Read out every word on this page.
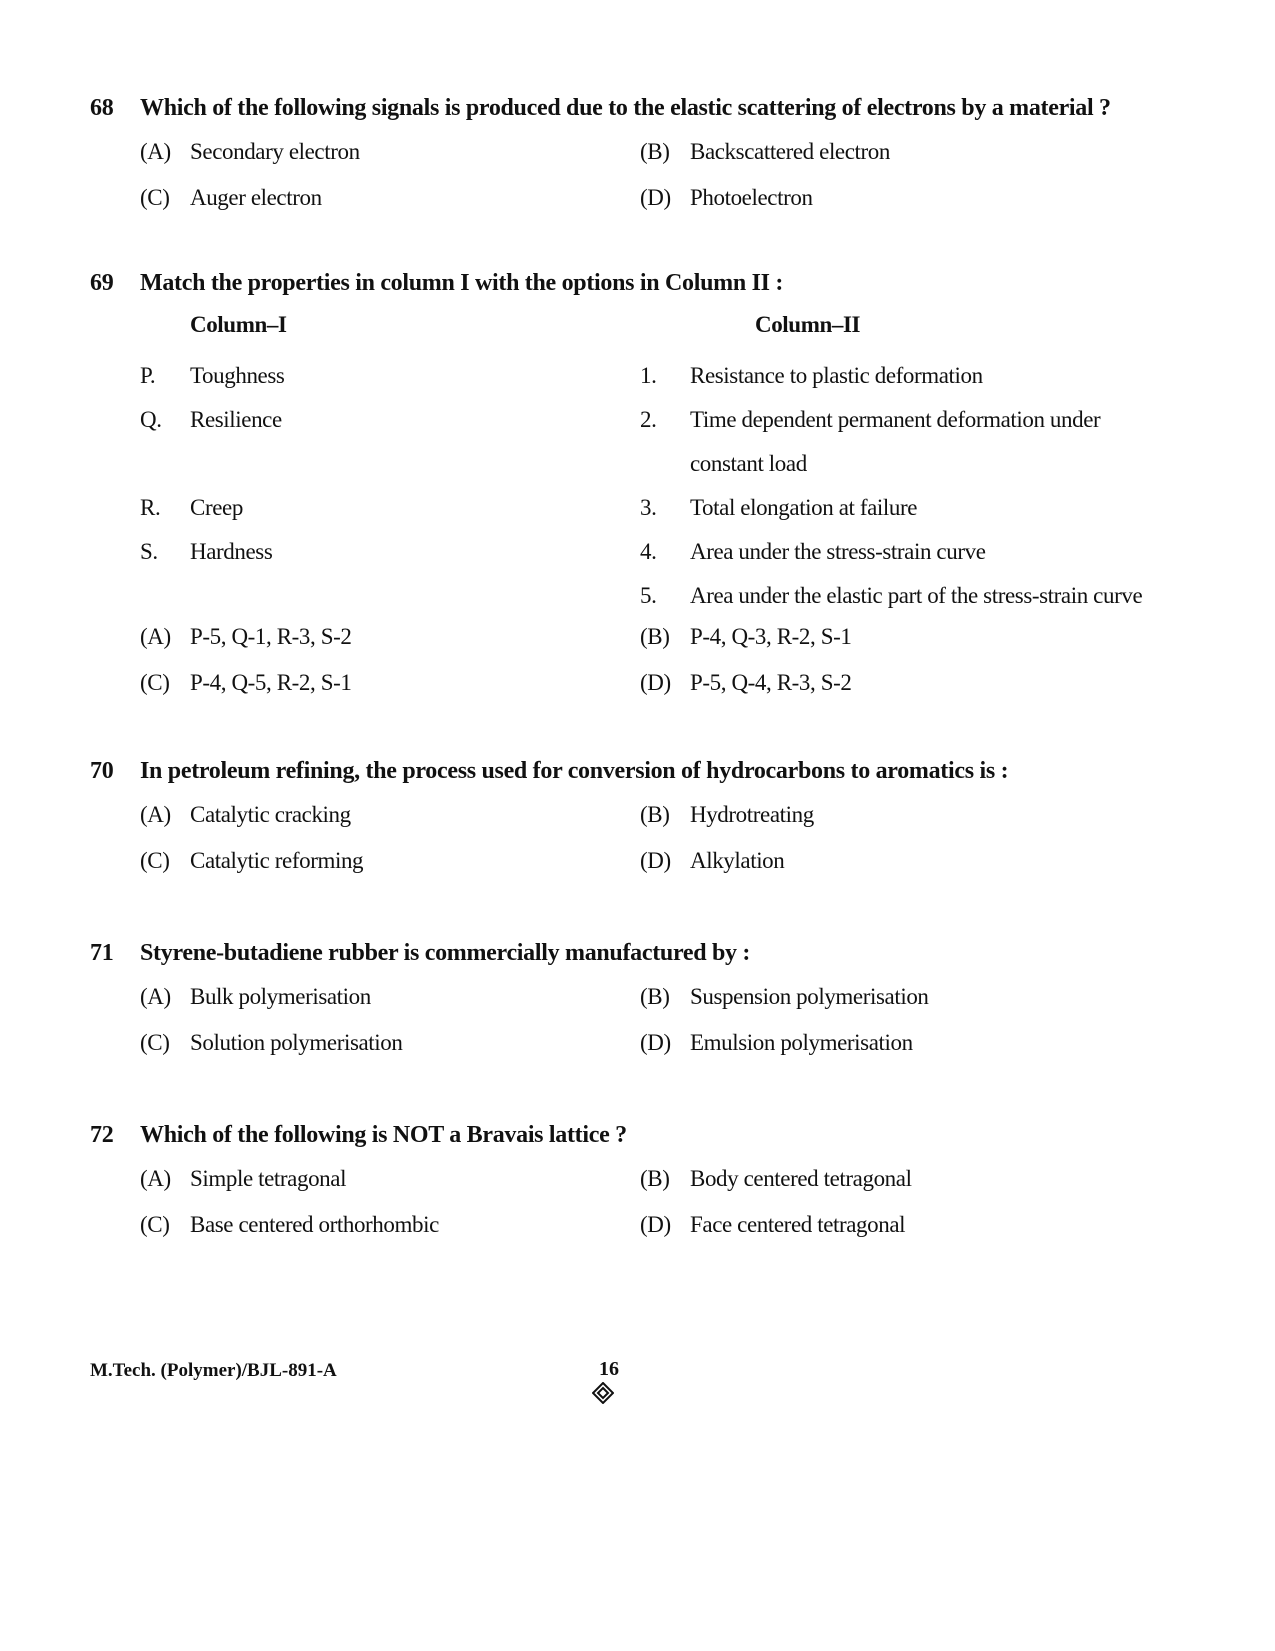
68	Which of the following signals is produced due to the elastic scattering of electrons by a material ?
(A) Secondary electron	(B) Backscattered electron
(C) Auger electron	(D) Photoelectron
69	Match the properties in column I with the options in Column II :
Column–I	Column–II
P.	Toughness	1.	Resistance to plastic deformation
Q.	Resilience	2.	Time dependent permanent deformation under
constant load
R.	Creep	3.	Total elongation at failure
S.	Hardness	4.	Area under the stress-strain curve
5.	Area under the elastic part of the stress-strain curve
(A) P-5, Q-1, R-3, S-2	(B) P-4, Q-3, R-2, S-1
(C) P-4, Q-5, R-2, S-1	(D) P-5, Q-4, R-3, S-2
70	In petroleum refining, the process used for conversion of hydrocarbons to aromatics is :
(A) Catalytic cracking	(B) Hydrotreating
(C) Catalytic reforming	(D) Alkylation
71	Styrene-butadiene rubber is commercially manufactured by :
(A) Bulk polymerisation	(B) Suspension polymerisation
(C) Solution polymerisation	(D) Emulsion polymerisation
72	Which of the following is NOT a Bravais lattice ?
(A) Simple tetragonal	(B) Body centered tetragonal
(C) Base centered orthorhombic	(D) Face centered tetragonal
M.Tech. (Polymer)/BJL-891-A	16
